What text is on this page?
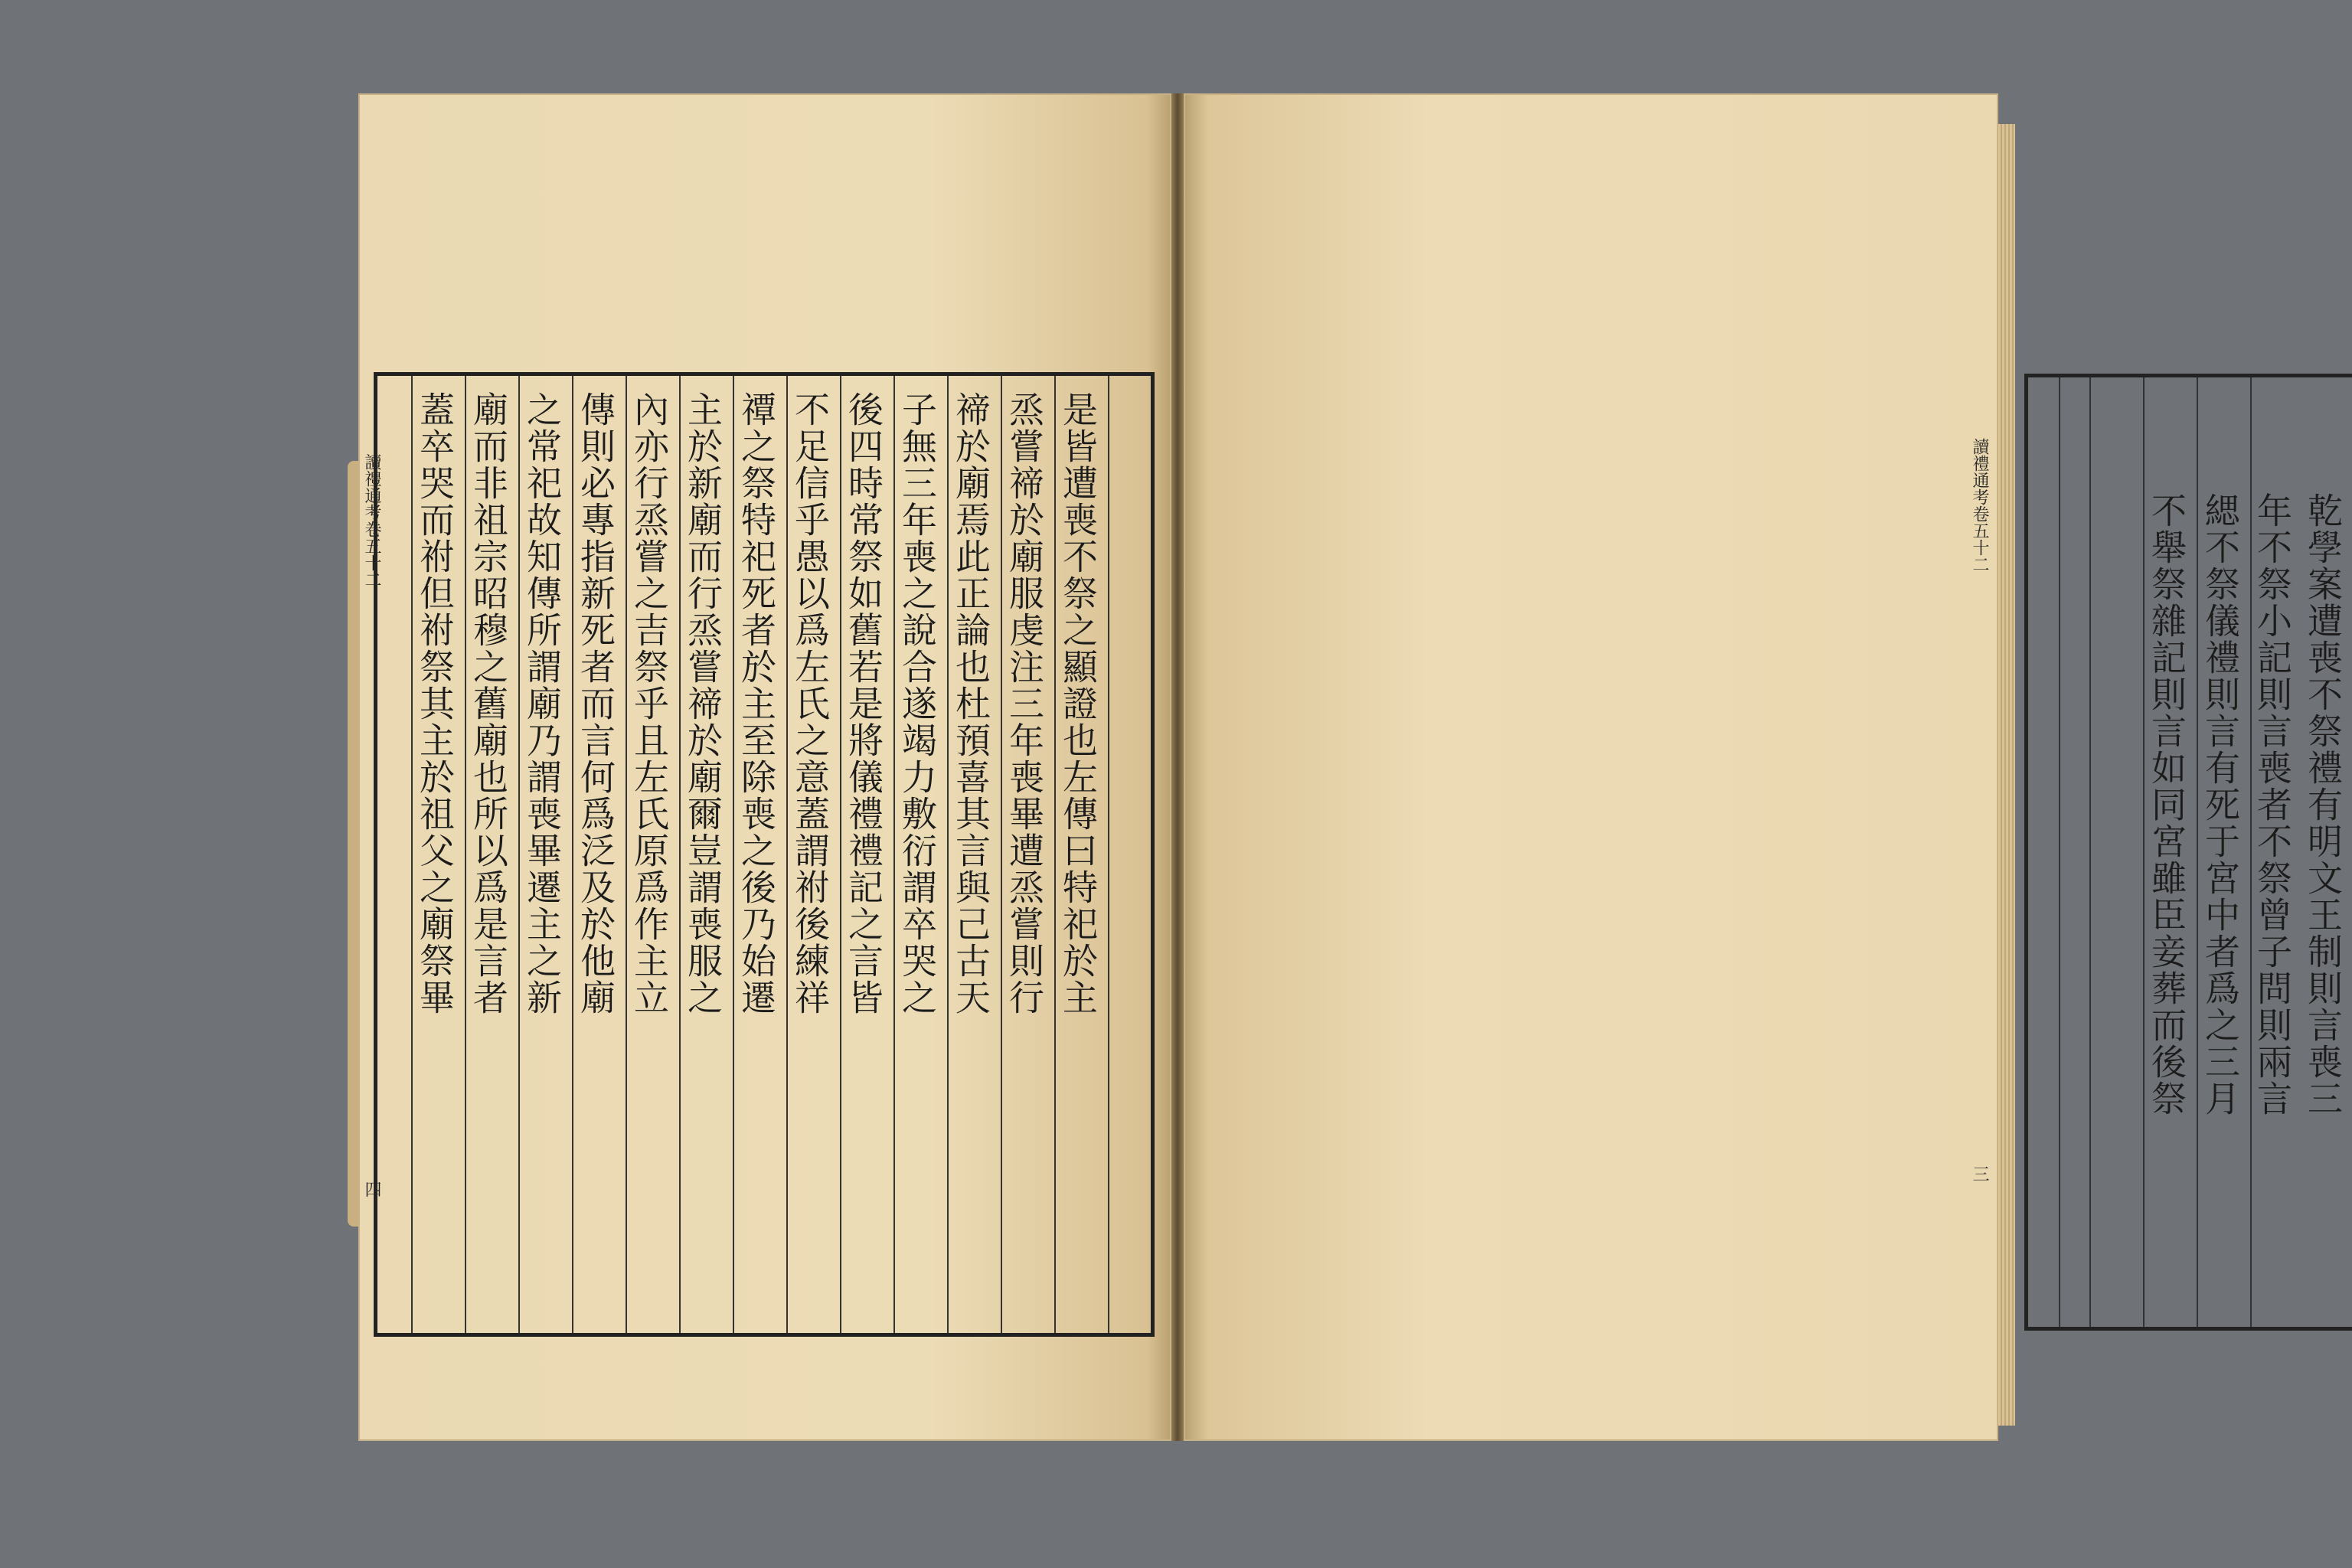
是皆遭喪不祭之顯證也左傳曰特祀於主
烝嘗禘於廟服虔注三年喪畢遭烝嘗則行
禘於廟焉此正論也杜預喜其言與己古天
子無三年喪之說合遂竭力敷衍謂卒哭之
後四時常祭如舊若是將儀禮禮記之言皆
不足信乎愚以爲左氏之意蓋謂祔後練祥
禫之祭特祀死者於主至除喪之後乃始遷
主於新廟而行烝嘗禘於廟爾豈謂喪服之
內亦行烝嘗之吉祭乎且左氏原爲作主立
傳則必專指新死者而言何爲泛及於他廟
之常祀故知傳所謂廟乃謂喪畢遷主之新
廟而非祖宗昭穆之舊廟也所以爲是言者
蓋卒哭而祔但祔祭其主於祖父之廟祭畢
讀禮通考卷五十二
四
乾學案遭喪不祭禮有明文王制則言喪三
年不祭小記則言喪者不祭曾子問則兩言
緦不祭儀禮則言有死于宮中者爲之三月
不舉祭雜記則言如同宮雖臣妾葬而後祭
讀禮通考卷五十二
三
